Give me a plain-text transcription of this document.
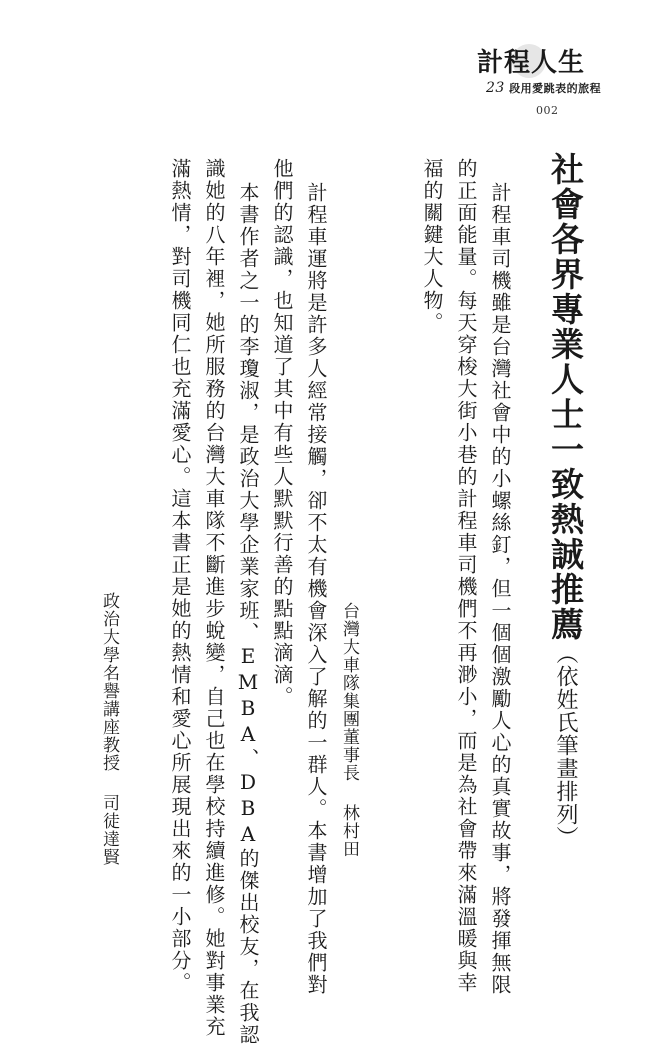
計程人生
23 段用愛跳表的旅程
002
社會各界專業人士一致熱誠推薦（依姓氏筆畫排列）
計程車司機雖是台灣社會中的小螺絲釘，但一個個激勵人心的真實故事，將發揮無限
的正面能量。每天穿梭大街小巷的計程車司機們不再渺小，而是為社會帶來滿溫暖與幸
福的關鍵大人物。
台灣大車隊集團董事長林村田
計程車運將是許多人經常接觸，卻不太有機會深入了解的一群人。本書增加了我們對
他們的認識，也知道了其中有些人默默行善的點點滴滴。
本書作者之一的李瓊淑，是政治大學企業家班、EMBA、DBA的傑出校友，在我認
識她的八年裡，她所服務的台灣大車隊不斷進步蛻變，自己也在學校持續進修。她對事業充
滿熱情，對司機同仁也充滿愛心。這本書正是她的熱情和愛心所展現出來的一小部分。
政治大學名譽講座教授司徒達賢
